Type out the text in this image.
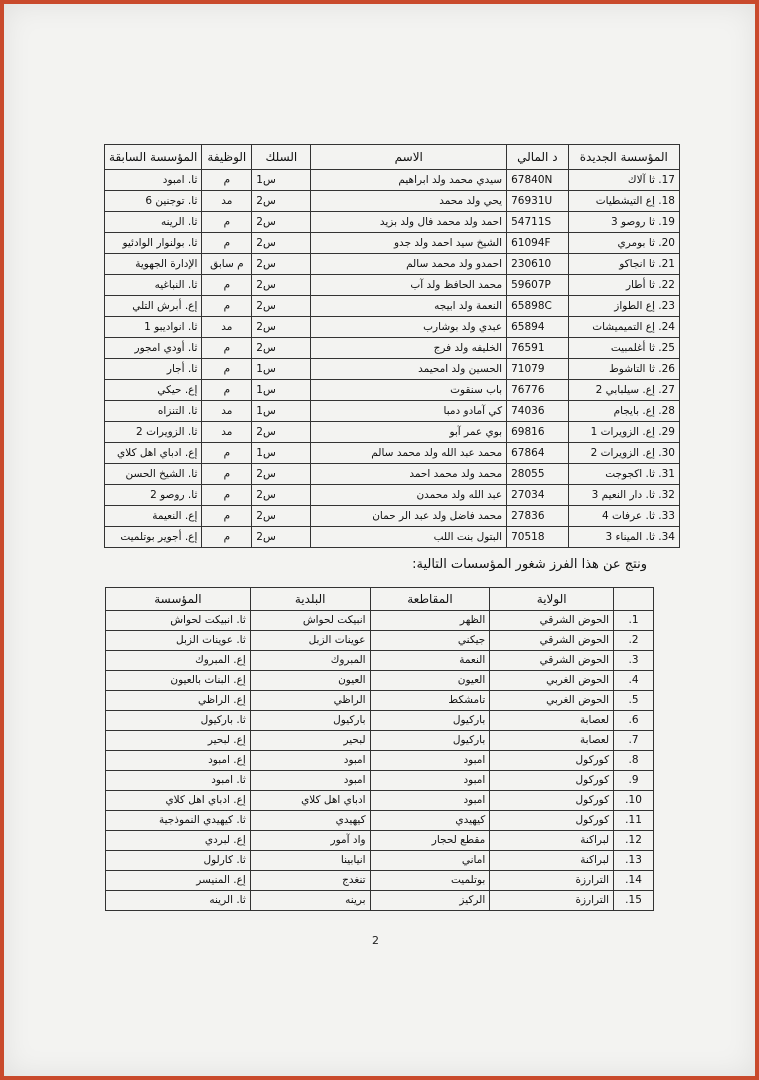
المؤسسة الجديدة	د المالي	الاسم	السلك	الوظيفة	المؤسسة السابقة
17. ثا آلاك	67840N	سيدي محمد ولد ابراهيم	س1	م	ثا. امبود
18. إع التيشطيات	76931U	يحي ولد محمد	س2	مد	ثا. توجنين 6
19. ثا روصو 3	54711S	احمد ولد محمد فال ولد بزيد	س2	م	ثا. الرينه
20. ثا بومري	61094F	الشيخ سيد احمد ولد جدو	س2	م	ثا. بولنوار الوادئيو
21. ثا انجاكو	230610	احمدو ولد محمد سالم	س2	م سابق	الإدارة الجهوية
22. ثا أطار	59607P	محمد الحافظ ولد آب	س2	م	ثا. النباغيه
23. إع الطواز	65898C	النعمة ولد ابيجه	س2	م	إع. أبرش التلي
24. إع التميميشات	65894	عبدي ولد بوشارب	س2	مد	ثا. انوادیبو 1
25. ثا أغلمبيت	76591	الخليفه ولد فرج	س2	م	ثا. أودي امجور
26. ثا التاشوط	71079	الحسين ولد امحيمد	س1	م	ثا. أجار
27. إع. سيلبابي 2	76776	باب سنقوت	س1	م	إع. حيكي
28. إع. بايجام	74036	كي آمادو دمبا	س1	مد	ثا. التنزاه
29. إع. الزويرات 1	69816	بوي عمر آبو	س2	مد	ثا. الزويرات 2
30. إع. الزويرات 2	67864	محمد عبد الله ولد محمد سالم	س1	م	إع. ادباي اهل كلاي
31. ثا. اكجوجت	28055	محمد ولد محمد احمد	س2	م	ثا. الشيخ الحسن
32. ثا. دار النعيم 3	27034	عبد الله ولد محمدن	س2	م	ثا. روصو 2
33. ثا. عرفات 4	27836	محمد فاضل ولد عبد الر حمان	س2	م	إع. النعيمة
34. ثا. الميناء 3	70518	البتول بنت اللب	س2	م	إع. أجوير بوتلميت
ونتج عن هذا الفرز شغور المؤسسات التالية:
	الولاية	المقاطعة	البلدية	المؤسسة
1.	الحوض الشرقي	الظهر	انبيكت لحواش	ثا. انبيكت لحواش
2.	الحوض الشرقي	جيكني	عوينات الزبل	ثا. عوينات الزبل
3.	الحوض الشرقي	النعمة	المبروك	إع. المبروك
4.	الحوض الغربي	العيون	العيون	إع. البنات بالعيون
5.	الحوض الغربي	تامشكط	الراظي	إع. الراظي
6.	لعصابة	باركيول	باركيول	ثا. باركيول
7.	لعصابة	باركيول	لبحير	إع. لبحير
8.	كوركول	امبود	امبود	إع. امبود
9.	كوركول	امبود	امبود	ثا. امبود
10.	كوركول	امبود	ادباي اهل كلاي	إع. ادباي اهل كلاي
11.	كوركول	كيهيدي	كيهيدي	ثا. كيهيدي النموذجية
12.	لبراكنة	مقطع لحجار	واد آمور	إع. لبردي
13.	لبراكنة	اماني	انيابينا	ثا. كارلول
14.	الترارزة	بوتلميت	تنغدج	إع. المنيسر
15.	الترارزة	الركيز	برينه	ثا. الرينه
2
